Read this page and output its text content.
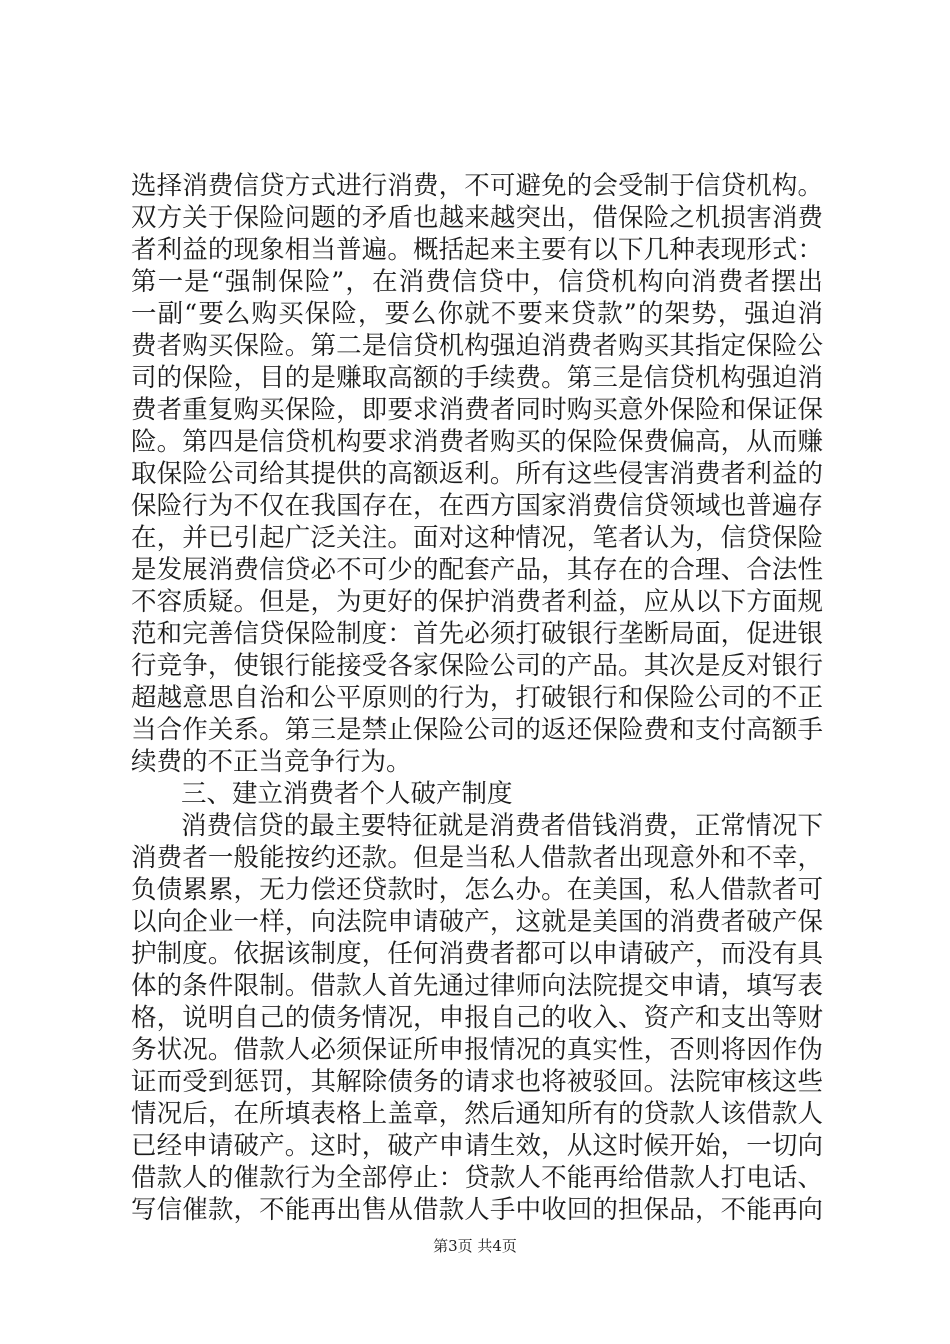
选择消费信贷方式进行消费，不可避免的会受制于信贷机构。
双方关于保险问题的矛盾也越来越突出，借保险之机损害消费
者利益的现象相当普遍。概括起来主要有以下几种表现形式：
第一是“强制保险”，在消费信贷中，信贷机构向消费者摆出
一副“要么购买保险，要么你就不要来贷款”的架势，强迫消
费者购买保险。第二是信贷机构强迫消费者购买其指定保险公
司的保险，目的是赚取高额的手续费。第三是信贷机构强迫消
费者重复购买保险，即要求消费者同时购买意外保险和保证保
险。第四是信贷机构要求消费者购买的保险保费偏高，从而赚
取保险公司给其提供的高额返利。所有这些侵害消费者利益的
保险行为不仅在我国存在，在西方国家消费信贷领域也普遍存
在，并已引起广泛关注。面对这种情况，笔者认为，信贷保险
是发展消费信贷必不可少的配套产品，其存在的合理、合法性
不容质疑。但是，为更好的保护消费者利益，应从以下方面规
范和完善信贷保险制度：首先必须打破银行垄断局面，促进银
行竞争，使银行能接受各家保险公司的产品。其次是反对银行
超越意思自治和公平原则的行为，打破银行和保险公司的不正
当合作关系。第三是禁止保险公司的返还保险费和支付高额手
续费的不正当竞争行为。
三、建立消费者个人破产制度
消费信贷的最主要特征就是消费者借钱消费，正常情况下
消费者一般能按约还款。但是当私人借款者出现意外和不幸，
负债累累，无力偿还贷款时，怎么办。在美国，私人借款者可
以向企业一样，向法院申请破产，这就是美国的消费者破产保
护制度。依据该制度，任何消费者都可以申请破产，而没有具
体的条件限制。借款人首先通过律师向法院提交申请，填写表
格，说明自己的债务情况，申报自己的收入、资产和支出等财
务状况。借款人必须保证所申报情况的真实性，否则将因作伪
证而受到惩罚，其解除债务的请求也将被驳回。法院审核这些
情况后，在所填表格上盖章，然后通知所有的贷款人该借款人
已经申请破产。这时，破产申请生效，从这时候开始，一切向
借款人的催款行为全部停止：贷款人不能再给借款人打电话、
写信催款，不能再出售从借款人手中收回的担保品，不能再向
第3页 共4页
